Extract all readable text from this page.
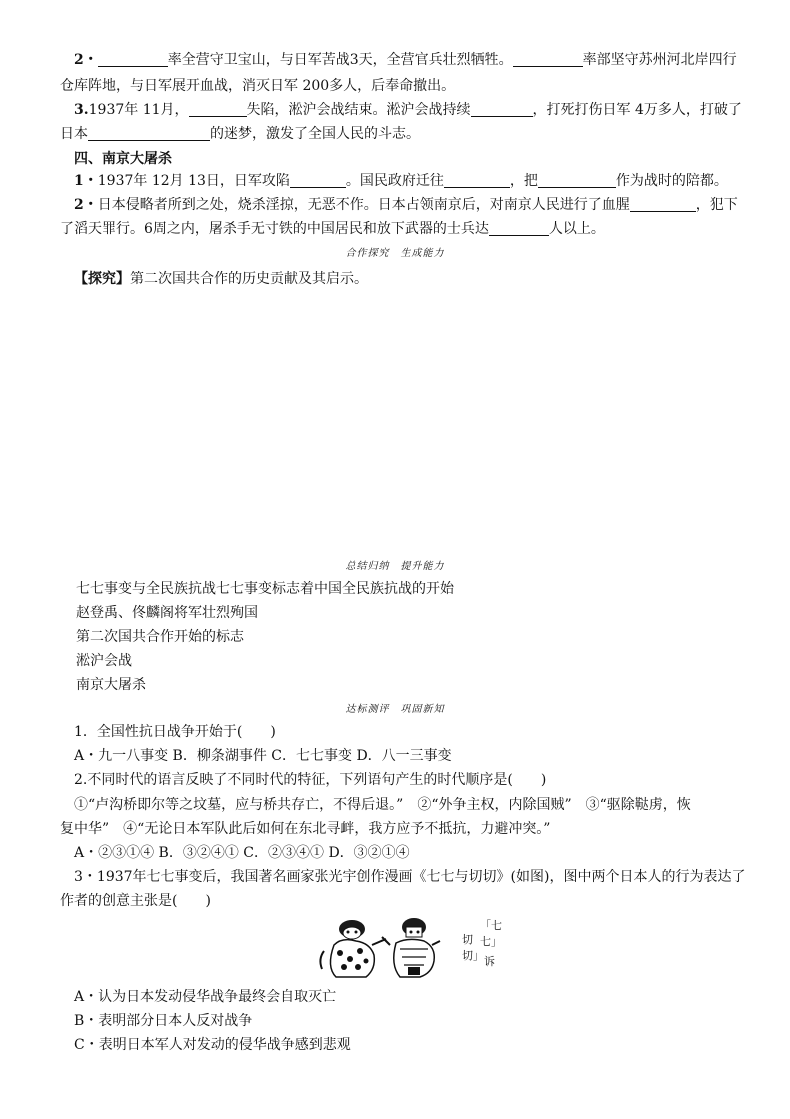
2・	率全营守卫宝山，与日军苦战3天，全营官兵壮烈牺牲。	率部坚守苏州河北岸四行
仓库阵地，与日军展开血战，消灭日军 200多人，后奉命撤出。
3.1937年 11月，	失陷，淞沪会战结束。淞沪会战持续	，打死打伤日军 4万多人，打破了
日本	的迷梦，激发了全国人民的斗志。
四、南京大屠杀
1・1937年 12月 13日，日军攻陷	。国民政府迁往	，把	作为战时的陪都。
2・日本侵略者所到之处，烧杀淫掠，无恶不作。日本占领南京后，对南京人民进行了血腥	，犯下
了滔天罪行。6周之内，屠杀手无寸铁的中国居民和放下武器的士兵达	人以上。
合作探究　生成能力
【探究】第二次国共合作的历史贡献及其启示。
总结归纳　提升能力
七七事变与全民族抗战七七事变标志着中国全民族抗战的开始
赵登禹、佟麟阁将军壮烈殉国
第二次国共合作开始的标志
淞沪会战
南京大屠杀
达标测评　巩固新知
1．全国性抗日战争开始于(　　)
A・九一八事变 B．柳条湖事件 C．七七事变 D．八一三事变
2.不同时代的语言反映了不同时代的特征，下列语句产生的时代顺序是(　　)
①“卢沟桥即尔等之坟墓，应与桥共存亡，不得后退。”　②“外争主权，内除国贼”　③“驱除鞑虏，恢
复中华”　④“无论日本军队此后如何在东北寻衅，我方应予不抵抗，力避冲突。”
A・②③①④ B．③②④① C．②③④① D．③②①④
3・1937年七七事变后，我国著名画家张光宇创作漫画《七七与切切》(如图)，图中两个日本人的行为表达了
作者的创意主张是(　　)
「七
七」
切
切」 诉
A・认为日本发动侵华战争最终会自取灭亡
B・表明部分日本人反对战争
C・表明日本军人对发动的侵华战争感到悲观
